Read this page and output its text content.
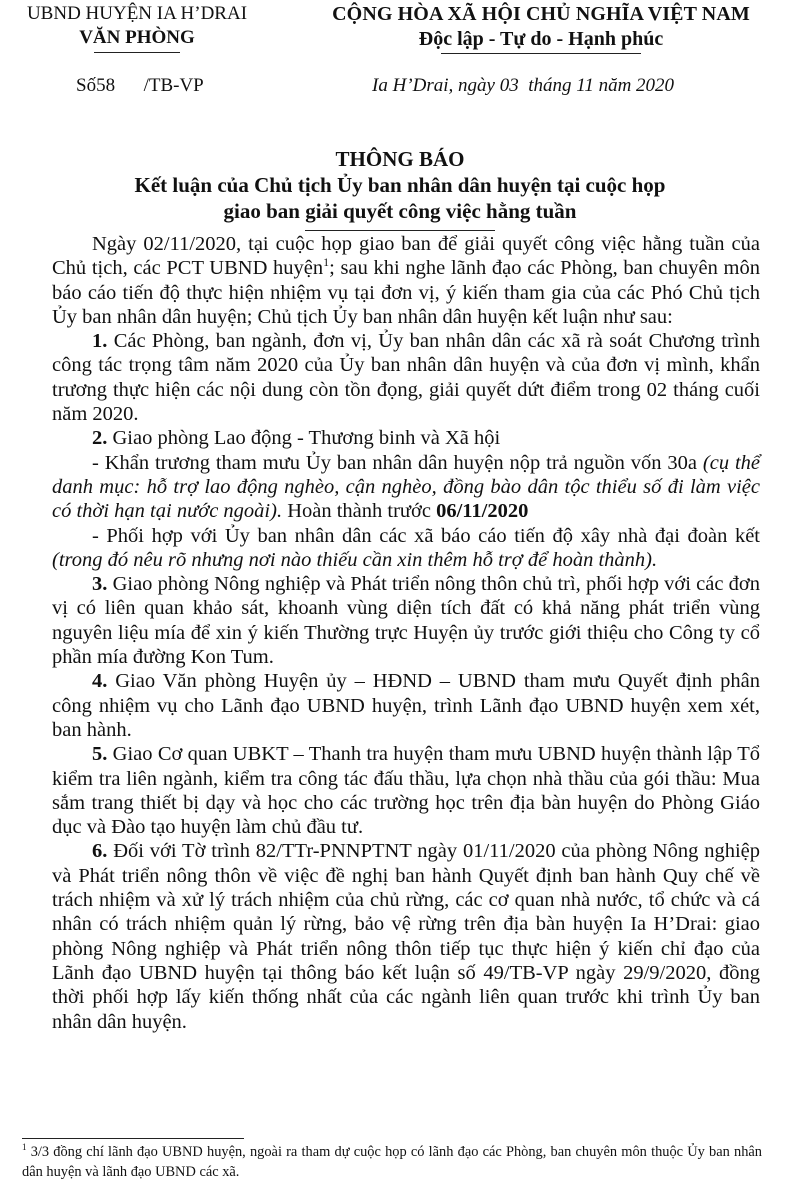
UBND HUYỆN IA H’DRAI
VĂN PHÒNG
CỘNG HÒA XÃ HỘI CHỦ NGHĨA VIỆT NAM
Độc lập - Tự do - Hạnh phúc
Số58      /TB-VP	Ia H’Drai, ngày 03  tháng 11 năm 2020
THÔNG BÁO
Kết luận của Chủ tịch Ủy ban nhân dân huyện tại cuộc họp
giao ban giải quyết công việc hằng tuần

Ngày 02/11/2020, tại cuộc họp giao ban để giải quyết công việc hằng tuần của Chủ tịch, các PCT UBND huyện$^1$; sau khi nghe lãnh đạo các Phòng, ban chuyên môn báo cáo tiến độ thực hiện nhiệm vụ tại đơn vị, ý kiến tham gia của các Phó Chủ tịch Ủy ban nhân dân huyện; Chủ tịch Ủy ban nhân dân huyện kết luận như sau:

1. Các Phòng, ban ngành, đơn vị, Ủy ban nhân dân các xã rà soát Chương trình công tác trọng tâm năm 2020 của Ủy ban nhân dân huyện và của đơn vị mình, khẩn trương thực hiện các nội dung còn tồn đọng, giải quyết dứt điểm trong 02 tháng cuối năm 2020.

2. Giao phòng Lao động - Thương binh và Xã hội

- Khẩn trương tham mưu Ủy ban nhân dân huyện nộp trả nguồn vốn 30a (cụ thể danh mục: hỗ trợ lao động nghèo, cận nghèo, đồng bào dân tộc thiểu số đi làm việc có thời hạn tại nước ngoài). Hoàn thành trước 06/11/2020

- Phối hợp với Ủy ban nhân dân các xã báo cáo tiến độ xây nhà đại đoàn kết (trong đó nêu rõ nhưng nơi nào thiếu cần xin thêm hỗ trợ để hoàn thành).

3. Giao phòng Nông nghiệp và Phát triển nông thôn chủ trì, phối hợp với các đơn vị có liên quan khảo sát, khoanh vùng diện tích đất có khả năng phát triển vùng nguyên liệu mía để xin ý kiến Thường trực Huyện ủy trước giới thiệu cho Công ty cổ phần mía đường Kon Tum.

4. Giao Văn phòng Huyện ủy – HĐND – UBND tham mưu Quyết định phân công nhiệm vụ cho Lãnh đạo UBND huyện, trình Lãnh đạo UBND huyện xem xét, ban hành.

5. Giao Cơ quan UBKT – Thanh tra huyện tham mưu UBND huyện thành lập Tổ kiểm tra liên ngành, kiểm tra công tác đấu thầu, lựa chọn nhà thầu của gói thầu: Mua sắm trang thiết bị dạy và học cho các trường học trên địa bàn huyện do Phòng Giáo dục và Đào tạo huyện làm chủ đầu tư.

6. Đối với Tờ trình 82/TTr-PNNPTNT ngày 01/11/2020 của phòng Nông nghiệp và Phát triển nông thôn về việc đề nghị ban hành Quyết định ban hành Quy chế về trách nhiệm và xử lý trách nhiệm của chủ rừng, các cơ quan nhà nước, tổ chức và cá nhân có trách nhiệm quản lý rừng, bảo vệ rừng trên địa bàn huyện Ia H’Drai: giao phòng Nông nghiệp và Phát triển nông thôn tiếp tục thực hiện ý kiến chỉ đạo của Lãnh đạo UBND huyện tại thông báo kết luận số 49/TB-VP ngày 29/9/2020, đồng thời phối hợp lấy kiến thống nhất của các ngành liên quan trước khi trình Ủy ban nhân dân huyện.

$^1$ 3/3 đồng chí lãnh đạo UBND huyện, ngoài ra tham dự cuộc họp có lãnh đạo các Phòng, ban chuyên môn thuộc Ủy ban nhân dân huyện và lãnh đạo UBND các xã.
